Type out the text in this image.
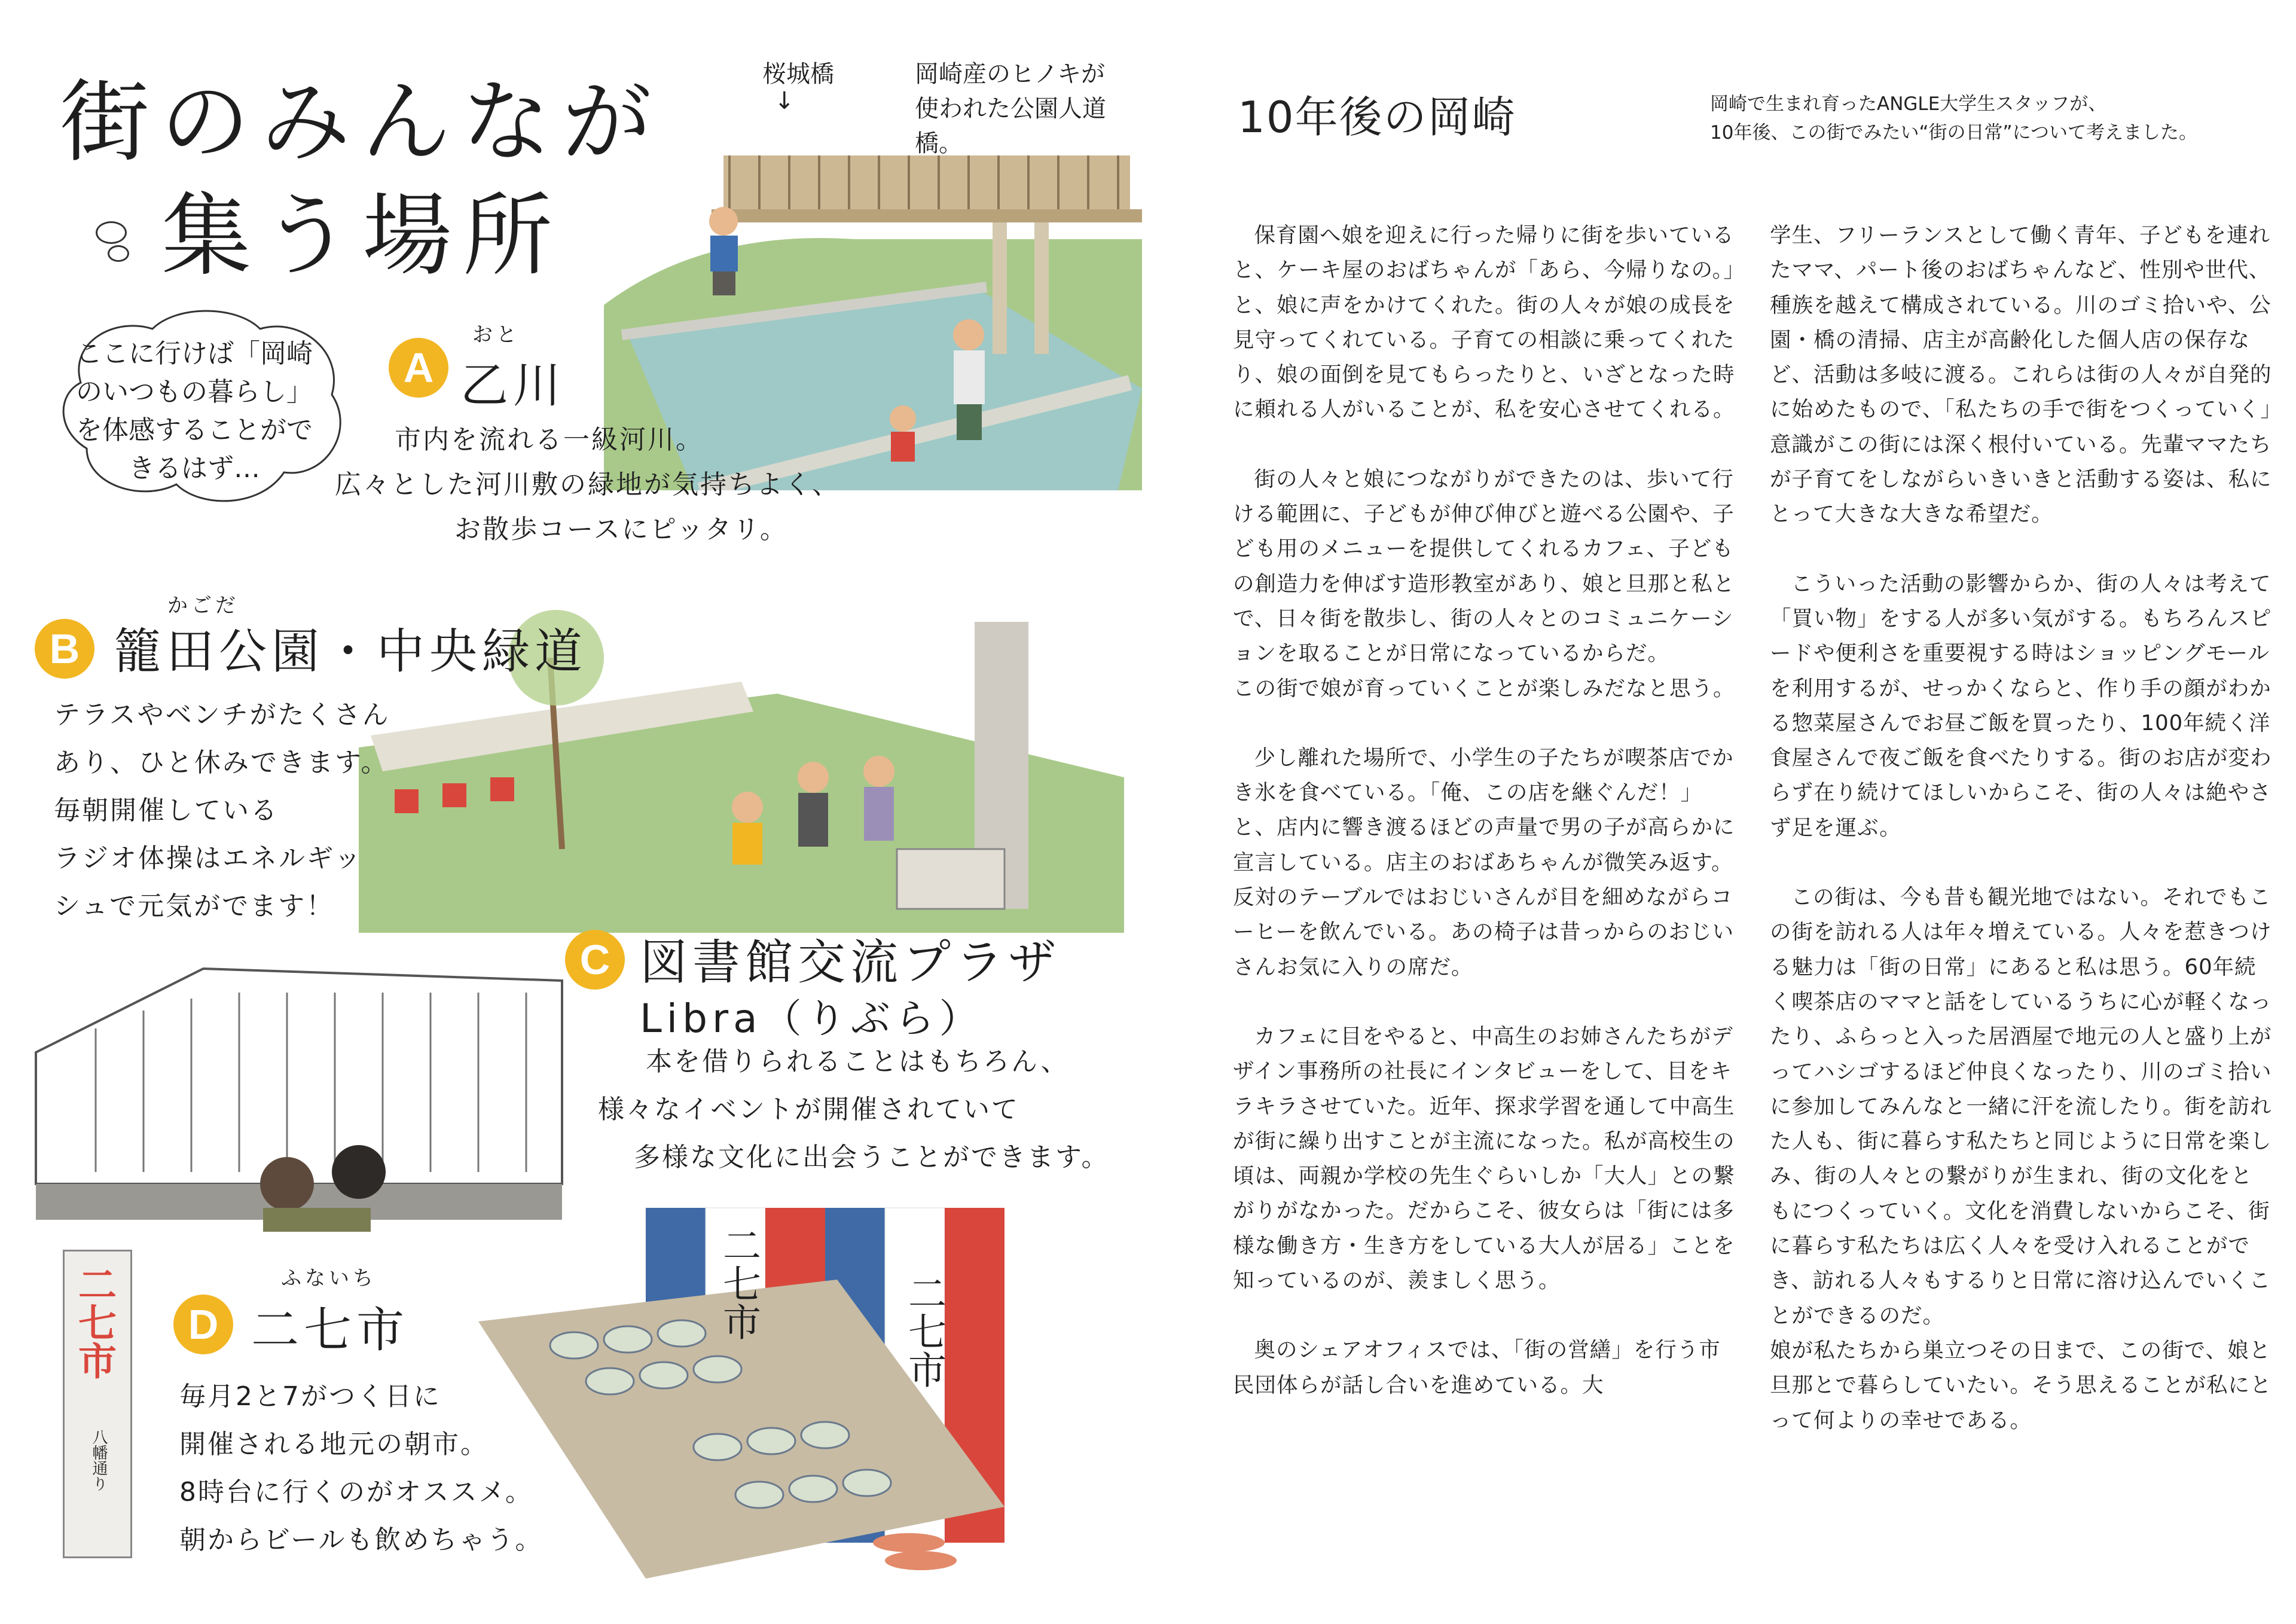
街のみんなが
集う場所
ここに行けば「岡崎のいつもの暮らし」を体感することができるはず…
桜城橋
↓
岡崎産のヒノキが使われた公園人道橋。
A
おと
乙川
市内を流れる一級河川。
広々とした河川敷の緑地が気持ちよく、
お散歩コースにピッタリ。
B
かごだ
籠田公園・中央緑道
テラスやベンチがたくさん
あり、ひと休みできます。
毎朝開催している
ラジオ体操はエネルギッ
シュで元気がでます！
C 図書館交流プラザ
Libra（りぶら）
本を借りられることはもちろん、
様々なイベントが開催されていて
多様な文化に出会うことができます。
二七市	二七市
二七市
八幡通り
D
ふないち
二七市
毎月2と7がつく日に
開催される地元の朝市。
8時台に行くのがオススメ。
朝からビールも飲めちゃう。
10年後の岡崎	岡崎で生まれ育ったANGLE大学生スタッフが、
10年後、この街でみたい“街の日常”について考えました。

保育園へ娘を迎えに行った帰りに街を歩いていると、ケーキ屋のおばちゃんが「あら、今帰りなの。」と、娘に声をかけてくれた。街の人々が娘の成長を見守ってくれている。子育ての相談に乗ってくれたり、娘の面倒を見てもらったりと、いざとなった時に頼れる人がいることが、私を安心させてくれる。

街の人々と娘につながりができたのは、歩いて行ける範囲に、子どもが伸び伸びと遊べる公園や、子ども用のメニューを提供してくれるカフェ、子どもの創造力を伸ばす造形教室があり、娘と旦那と私とで、日々街を散歩し、街の人々とのコミュニケーションを取ることが日常になっているからだ。

この街で娘が育っていくことが楽しみだなと思う。

少し離れた場所で、小学生の子たちが喫茶店でかき氷を食べている。「俺、この店を継ぐんだ！」と、店内に響き渡るほどの声量で男の子が高らかに宣言している。店主のおばあちゃんが微笑み返す。反対のテーブルではおじいさんが目を細めながらコーヒーを飲んでいる。あの椅子は昔っからのおじいさんお気に入りの席だ。

カフェに目をやると、中高生のお姉さんたちがデザイン事務所の社長にインタビューをして、目をキラキラさせていた。近年、探求学習を通して中高生が街に繰り出すことが主流になった。私が高校生の頃は、両親か学校の先生ぐらいしか「大人」との繋がりがなかった。だからこそ、彼女らは「街には多様な働き方・生き方をしている大人が居る」ことを知っているのが、羨ましく思う。

奥のシェアオフィスでは、「街の営繕」を行う市民団体らが話し合いを進めている。大

学生、フリーランスとして働く青年、子どもを連れたママ、パート後のおばちゃんなど、性別や世代、種族を越えて構成されている。川のゴミ拾いや、公園・橋の清掃、店主が高齢化した個人店の保存など、活動は多岐に渡る。これらは街の人々が自発的に始めたもので、「私たちの手で街をつくっていく」意識がこの街には深く根付いている。先輩ママたちが子育てをしながらいきいきと活動する姿は、私にとって大きな大きな希望だ。

こういった活動の影響からか、街の人々は考えて「買い物」をする人が多い気がする。もちろんスピードや便利さを重要視する時はショッピングモールを利用するが、せっかくならと、作り手の顔がわかる惣菜屋さんでお昼ご飯を買ったり、100年続く洋食屋さんで夜ご飯を食べたりする。街のお店が変わらず在り続けてほしいからこそ、街の人々は絶やさず足を運ぶ。

この街は、今も昔も観光地ではない。それでもこの街を訪れる人は年々増えている。人々を惹きつける魅力は「街の日常」にあると私は思う。60年続く喫茶店のママと話をしているうちに心が軽くなったり、ふらっと入った居酒屋で地元の人と盛り上がってハシゴするほど仲良くなったり、川のゴミ拾いに参加してみんなと一緒に汗を流したり。街を訪れた人も、街に暮らす私たちと同じように日常を楽しみ、街の人々との繋がりが生まれ、街の文化をともにつくっていく。文化を消費しないからこそ、街に暮らす私たちは広く人々を受け入れることができ、訪れる人々もするりと日常に溶け込んでいくことができるのだ。

娘が私たちから巣立つその日まで、この街で、娘と旦那とで暮らしていたい。そう思えることが私にとって何よりの幸せである。
